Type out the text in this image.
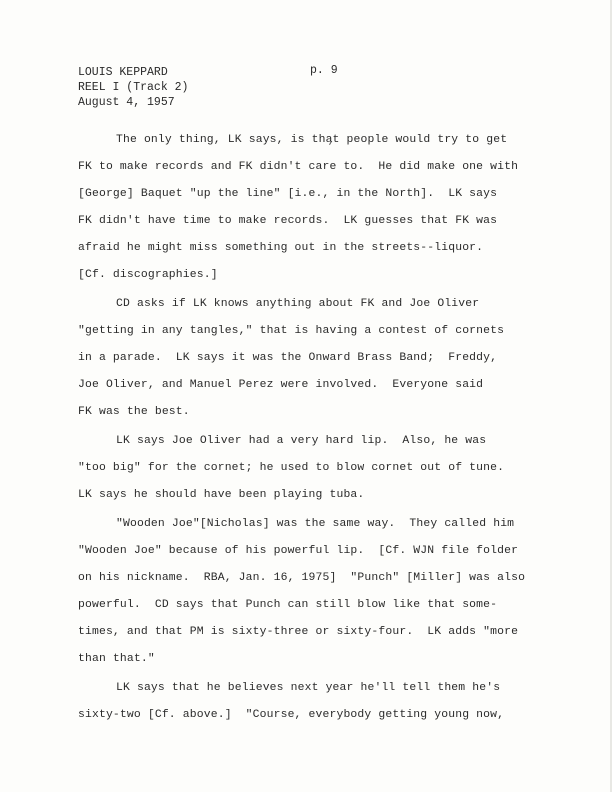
LOUIS KEPPARD
REEL I (Track 2)
August 4, 1957
p. 9
The only thing, LK says, is that people would try to get
FK to make records and FK didn't care to.  He did make one with
[George] Baquet "up the line" [i.e., in the North].  LK says
FK didn't have time to make records.  LK guesses that FK was
afraid he might miss something out in the streets--liquor.
[Cf. discographies.]
CD asks if LK knows anything about FK and Joe Oliver
"getting in any tangles," that is having a contest of cornets
in a parade.  LK says it was the Onward Brass Band;  Freddy,
Joe Oliver, and Manuel Perez were involved.  Everyone said
FK was the best.
LK says Joe Oliver had a very hard lip.  Also, he was
"too big" for the cornet; he used to blow cornet out of tune.
LK says he should have been playing tuba.
"Wooden Joe"[Nicholas] was the same way.  They called him
"Wooden Joe" because of his powerful lip.  [Cf. WJN file folder
on his nickname.  RBA, Jan. 16, 1975]  "Punch" [Miller] was also
powerful.  CD says that Punch can still blow like that some-
times, and that PM is sixty-three or sixty-four.  LK adds "more
than that."
LK says that he believes next year he'll tell them he's
sixty-two [Cf. above.]  "Course, everybody getting young now,
